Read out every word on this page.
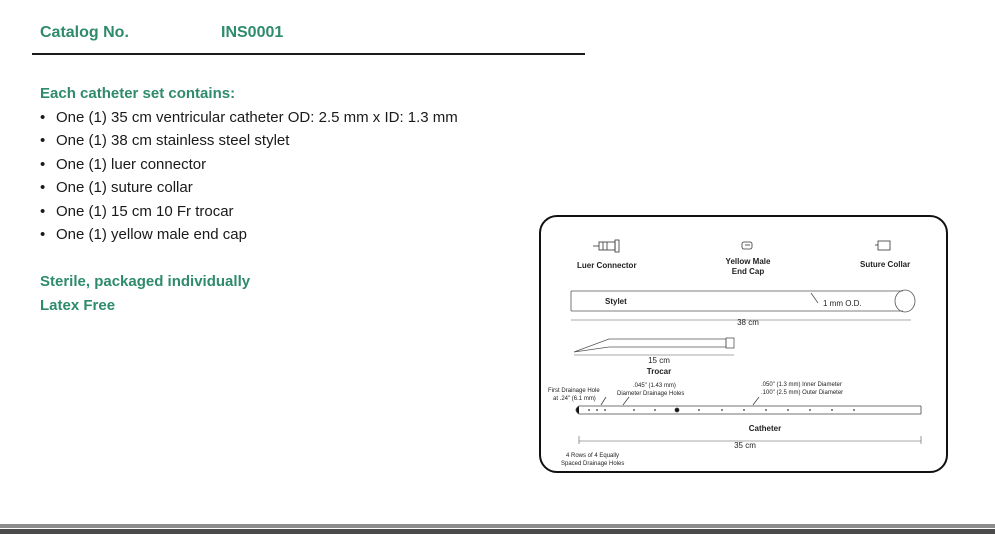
Catalog No.	INS0001
Each catheter set contains:
• One (1) 35 cm ventricular catheter OD: 2.5 mm x ID: 1.3 mm
• One (1) 38 cm stainless steel stylet
• One (1) luer connector
• One (1) suture collar
• One (1) 15 cm 10 Fr trocar
• One (1) yellow male end cap
Sterile, packaged individually
Latex Free
Luer Connector	Yellow Male
End Cap
Suture Collar
Stylet	1 mm O.D.
38 cm
15 cm
Trocar
First Drainage Hole
at .24" (6.1 mm)
.045" (1.43 mm)
Diameter Drainage Holes
.050" (1.3 mm) Inner Diameter
.100" (2.5 mm) Outer Diameter
Catheter
35 cm
4 Rows of 4 Equally
Spaced Drainage Holes
